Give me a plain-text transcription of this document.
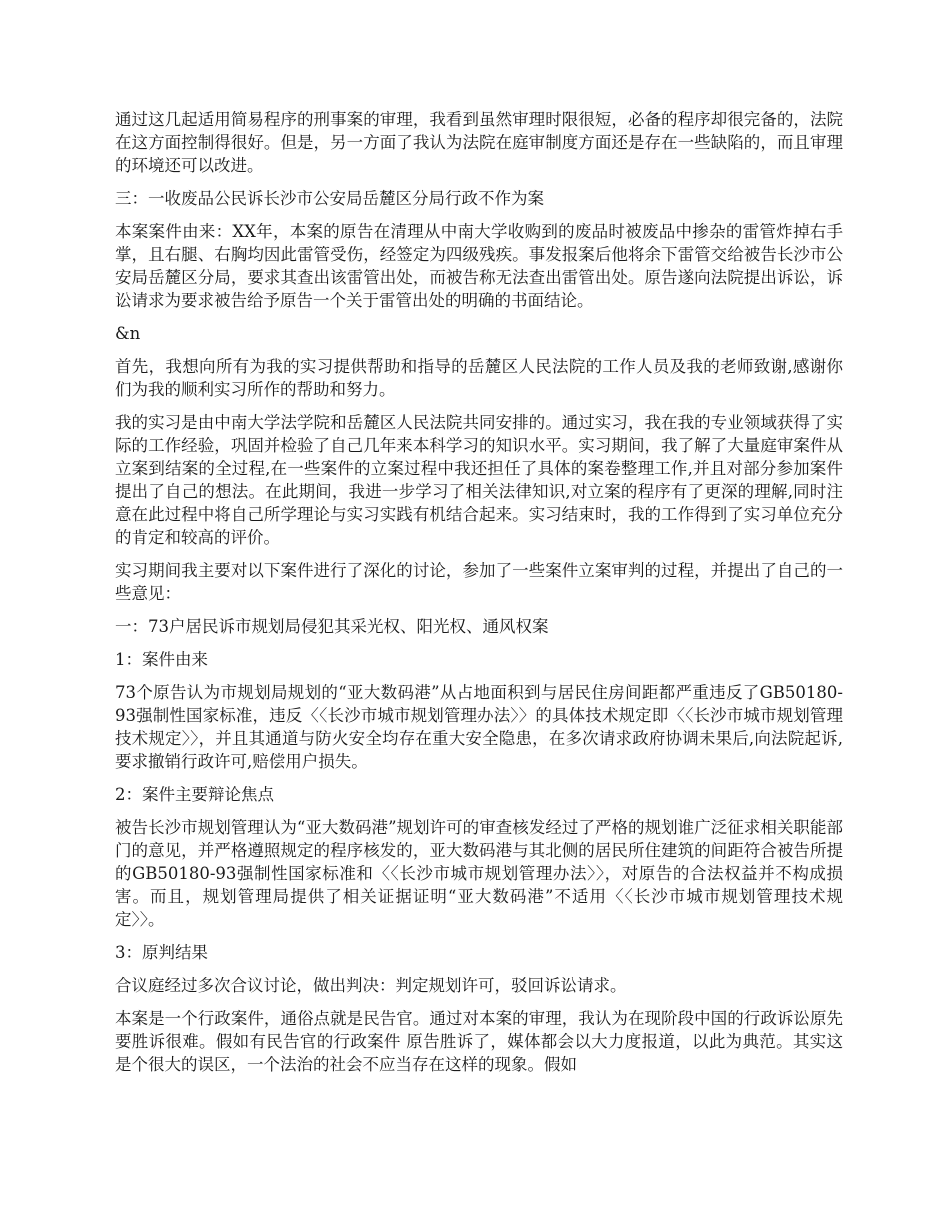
通过这几起适用简易程序的刑事案的审理，我看到虽然审理时限很短，必备的程序却很完备的，法院在这方面控制得很好。但是，另一方面了我认为法院在庭审制度方面还是存在一些缺陷的，而且审理的环境还可以改进。

三：一收废品公民诉长沙市公安局岳麓区分局行政不作为案

本案案件由来：XX年，本案的原告在清理从中南大学收购到的废品时被废品中掺杂的雷管炸掉右手掌，且右腿、右胸均因此雷管受伤，经签定为四级残疾。事发报案后他将余下雷管交给被告长沙市公安局岳麓区分局，要求其查出该雷管出处，而被告称无法查出雷管出处。原告遂向法院提出诉讼，诉讼请求为要求被告给予原告一个关于雷管出处的明确的书面结论。

&n

首先，我想向所有为我的实习提供帮助和指导的岳麓区人民法院的工作人员及我的老师致谢,感谢你们为我的顺利实习所作的帮助和努力。

我的实习是由中南大学法学院和岳麓区人民法院共同安排的。通过实习，我在我的专业领域获得了实际的工作经验，巩固并检验了自己几年来本科学习的知识水平。实习期间，我了解了大量庭审案件从立案到结案的全过程,在一些案件的立案过程中我还担任了具体的案卷整理工作,并且对部分参加案件提出了自己的想法。在此期间，我进一步学习了相关法律知识,对立案的程序有了更深的理解,同时注意在此过程中将自己所学理论与实习实践有机结合起来。实习结束时，我的工作得到了实习单位充分的肯定和较高的评价。

实习期间我主要对以下案件进行了深化的讨论，参加了一些案件立案审判的过程，并提出了自己的一些意见：

一：73户居民诉市规划局侵犯其采光权、阳光权、通风权案

1：案件由来

73个原告认为市规划局规划的“亚大数码港”从占地面积到与居民住房间距都严重违反了GB50180-93强制性国家标准，违反〈〈长沙市城市规划管理办法〉〉的具体技术规定即〈〈长沙市城市规划管理技术规定〉〉，并且其通道与防火安全均存在重大安全隐患，在多次请求政府协调未果后,向法院起诉,要求撤销行政许可,赔偿用户损失。

2：案件主要辩论焦点

被告长沙市规划管理认为“亚大数码港”规划许可的审查核发经过了严格的规划谁广泛征求相关职能部门的意见，并严格遵照规定的程序核发的，亚大数码港与其北侧的居民所住建筑的间距符合被告所提的GB50180-93强制性国家标准和〈〈长沙市城市规划管理办法〉〉，对原告的合法权益并不构成损害。而且，规划管理局提供了相关证据证明“亚大数码港”不适用〈〈长沙市城市规划管理技术规定〉〉。

3：原判结果

合议庭经过多次合议讨论，做出判决：判定规划许可，驳回诉讼请求。

本案是一个行政案件，通俗点就是民告官。通过对本案的审理，我认为在现阶段中国的行政诉讼原先要胜诉很难。假如有民告官的行政案件 原告胜诉了，媒体都会以大力度报道，以此为典范。其实这是个很大的误区，一个法治的社会不应当存在这样的现象。假如
